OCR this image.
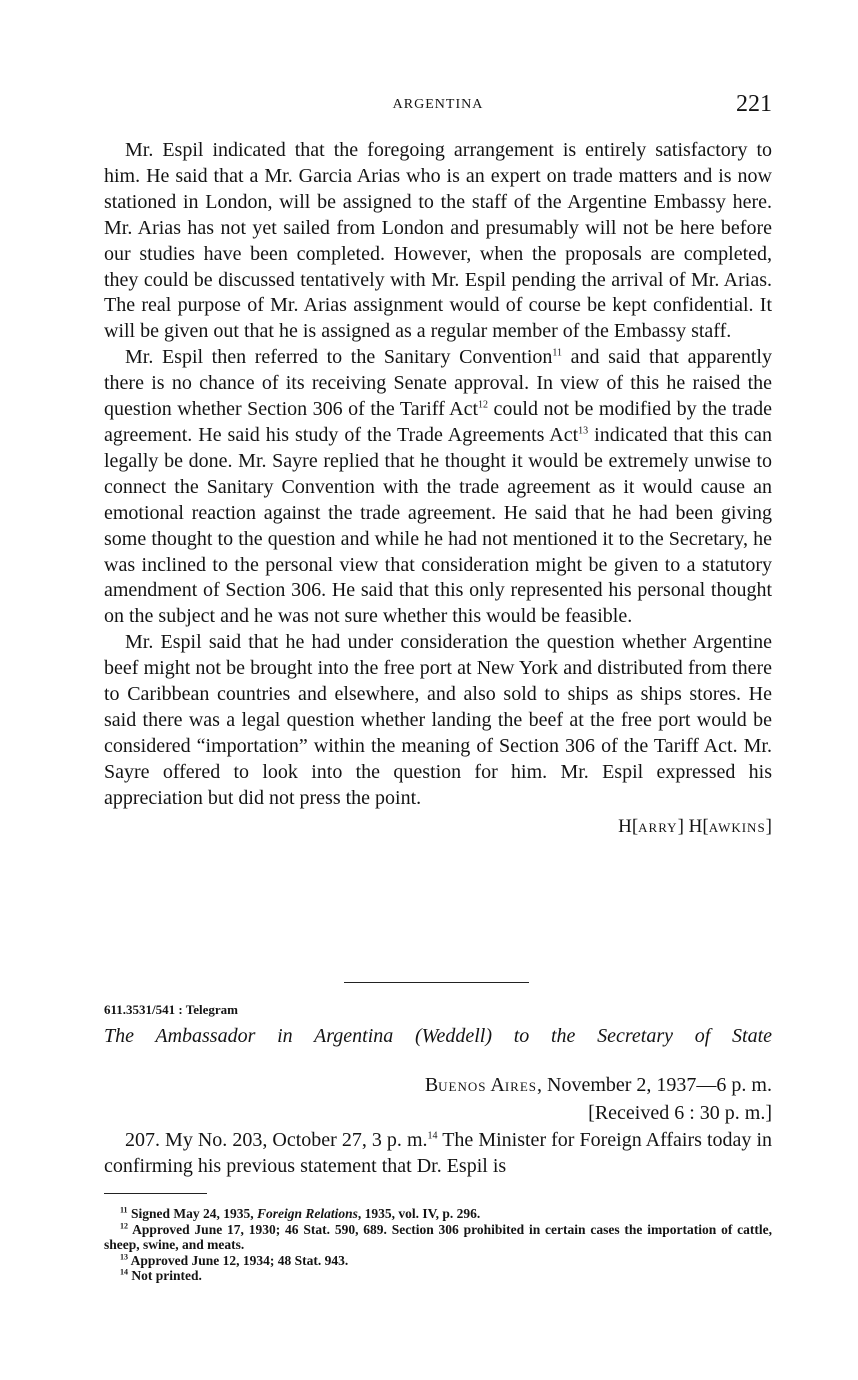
ARGENTINA	221

Mr. Espil indicated that the foregoing arrangement is entirely satisfactory to him. He said that a Mr. Garcia Arias who is an expert on trade matters and is now stationed in London, will be assigned to the staff of the Argentine Embassy here. Mr. Arias has not yet sailed from London and presumably will not be here before our studies have been completed. However, when the proposals are completed, they could be discussed tentatively with Mr. Espil pending the arrival of Mr. Arias. The real purpose of Mr. Arias assignment would of course be kept confidential. It will be given out that he is assigned as a regular member of the Embassy staff.

Mr. Espil then referred to the Sanitary Convention$^{11}$ and said that apparently there is no chance of its receiving Senate approval. In view of this he raised the question whether Section 306 of the Tariff Act$^{12}$ could not be modified by the trade agreement. He said his study of the Trade Agreements Act$^{13}$ indicated that this can legally be done. Mr. Sayre replied that he thought it would be extremely unwise to connect the Sanitary Convention with the trade agreement as it would cause an emotional reaction against the trade agreement. He said that he had been giving some thought to the question and while he had not mentioned it to the Secretary, he was inclined to the personal view that consideration might be given to a statutory amendment of Section 306. He said that this only represented his personal thought on the subject and he was not sure whether this would be feasible.

Mr. Espil said that he had under consideration the question whether Argentine beef might not be brought into the free port at New York and distributed from there to Caribbean countries and elsewhere, and also sold to ships as ships stores. He said there was a legal question whether landing the beef at the free port would be considered “importation” within the meaning of Section 306 of the Tariff Act. Mr. Sayre offered to look into the question for him. Mr. Espil expressed his appreciation but did not press the point.

H[ARRY] H[AWKINS]
611.3531/541 : Telegram
The Ambassador in Argentina (Weddell) to the Secretary of State
BUENOS AIRES, November 2, 1937—6 p. m.
[Received 6 : 30 p. m.]

207. My No. 203, October 27, 3 p. m.$^{14}$ The Minister for Foreign Affairs today in confirming his previous statement that Dr. Espil is

$^{11}$ Signed May 24, 1935, Foreign Relations, 1935, vol. IV, p. 296.

$^{12}$ Approved June 17, 1930; 46 Stat. 590, 689. Section 306 prohibited in certain cases the importation of cattle, sheep, swine, and meats.

$^{13}$ Approved June 12, 1934; 48 Stat. 943.

$^{14}$ Not printed.
